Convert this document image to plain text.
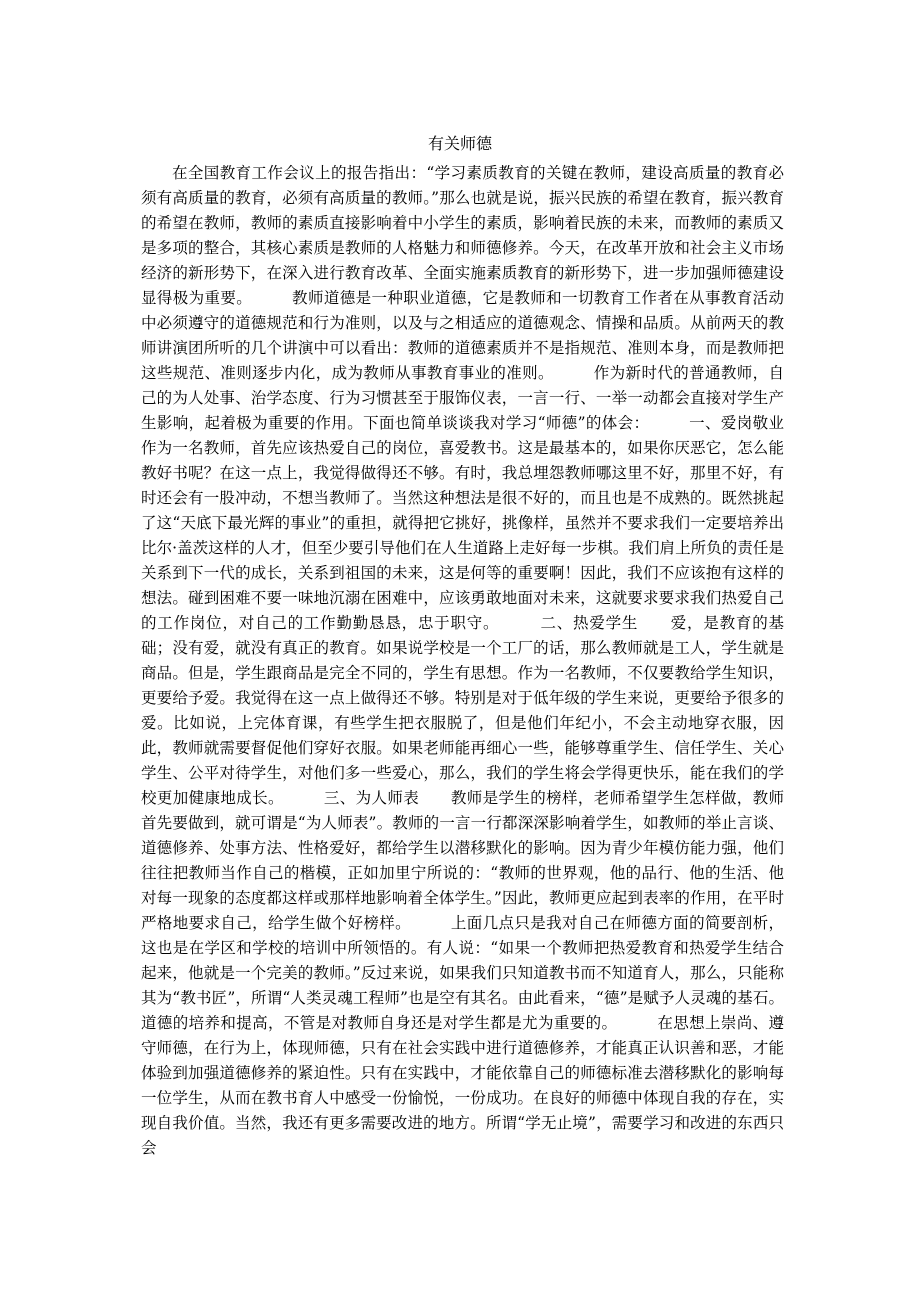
有关师德

在全国教育工作会议上的报告指出：“学习素质教育的关键在教师，建设高质量的教育必须有高质量的教育，必须有高质量的教师。”那么也就是说，振兴民族的希望在教育，振兴教育的希望在教师，教师的素质直接影响着中小学生的素质，影响着民族的未来，而教师的素质又是多项的整合，其核心素质是教师的人格魅力和师德修养。今天，在改革开放和社会主义市场经济的新形势下，在深入进行教育改革、全面实施素质教育的新形势下，进一步加强师德建设显得极为重要。　　　教师道德是一种职业道德，它是教师和一切教育工作者在从事教育活动中必须遵守的道德规范和行为准则，以及与之相适应的道德观念、情操和品质。从前两天的教师讲演团所听的几个讲演中可以看出：教师的道德素质并不是指规范、准则本身，而是教师把这些规范、准则逐步内化，成为教师从事教育事业的准则。　　　作为新时代的普通教师，自己的为人处事、治学态度、行为习惯甚至于服饰仪表，一言一行、一举一动都会直接对学生产生影响，起着极为重要的作用。下面也简单谈谈我对学习“师德”的体会：　　　一、爱岗敬业　　作为一名教师，首先应该热爱自己的岗位，喜爱教书。这是最基本的，如果你厌恶它，怎么能教好书呢？在这一点上，我觉得做得还不够。有时，我总埋怨教师哪这里不好，那里不好，有时还会有一股冲动，不想当教师了。当然这种想法是很不好的，而且也是不成熟的。既然挑起了这“天底下最光辉的事业”的重担，就得把它挑好，挑像样，虽然并不要求我们一定要培养出比尔·盖茨这样的人才，但至少要引导他们在人生道路上走好每一步棋。我们肩上所负的责任是关系到下一代的成长，关系到祖国的未来，这是何等的重要啊！因此，我们不应该抱有这样的想法。碰到困难不要一味地沉溺在困难中，应该勇敢地面对未来，这就要求要求我们热爱自己的工作岗位，对自己的工作勤勤恳恳，忠于职守。　　　二、热爱学生　　爱，是教育的基础；没有爱，就没有真正的教育。如果说学校是一个工厂的话，那么教师就是工人，学生就是商品。但是，学生跟商品是完全不同的，学生有思想。作为一名教师，不仅要教给学生知识，更要给予爱。我觉得在这一点上做得还不够。特别是对于低年级的学生来说，更要给予很多的爱。比如说，上完体育课，有些学生把衣服脱了，但是他们年纪小，不会主动地穿衣服，因此，教师就需要督促他们穿好衣服。如果老师能再细心一些，能够尊重学生、信任学生、关心学生、公平对待学生，对他们多一些爱心，那么，我们的学生将会学得更快乐，能在我们的学校更加健康地成长。　　　三、为人师表　　教师是学生的榜样，老师希望学生怎样做，教师首先要做到，就可谓是“为人师表”。教师的一言一行都深深影响着学生，如教师的举止言谈、道德修养、处事方法、性格爱好，都给学生以潜移默化的影响。因为青少年模仿能力强，他们往往把教师当作自己的楷模，正如加里宁所说的：“教师的世界观，他的品行、他的生活、他对每一现象的态度都这样或那样地影响着全体学生。”因此，教师更应起到表率的作用，在平时严格地要求自己，给学生做个好榜样。　　　上面几点只是我对自己在师德方面的简要剖析，这也是在学区和学校的培训中所领悟的。有人说：“如果一个教师把热爱教育和热爱学生结合起来，他就是一个完美的教师。”反过来说，如果我们只知道教书而不知道育人，那么，只能称其为“教书匠”，所谓“人类灵魂工程师”也是空有其名。由此看来，“德”是赋予人灵魂的基石。道德的培养和提高，不管是对教师自身还是对学生都是尤为重要的。　　　在思想上崇尚、遵守师德，在行为上，体现师德，只有在社会实践中进行道德修养，才能真正认识善和恶，才能体验到加强道德修养的紧迫性。只有在实践中，才能依靠自己的师德标准去潜移默化的影响每一位学生，从而在教书育人中感受一份愉悦，一份成功。在良好的师德中体现自我的存在，实现自我价值。当然，我还有更多需要改进的地方。所谓“学无止境”，需要学习和改进的东西只会
